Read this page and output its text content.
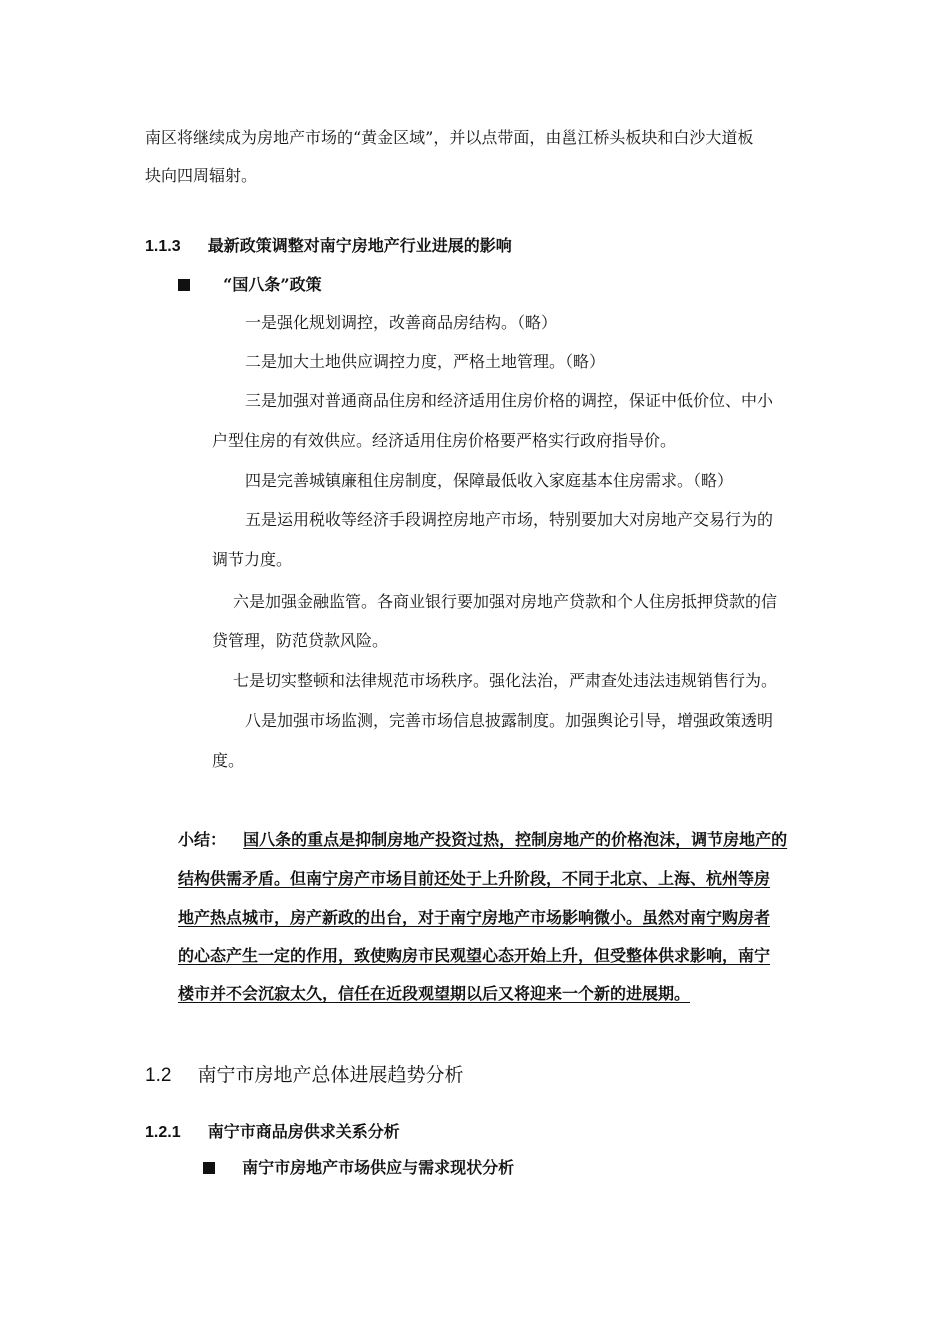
南区将继续成为房地产市场的“黄金区域”，并以点带面，由邕江桥头板块和白沙大道板
块向四周辐射。
1.1.3 最新政策调整对南宁房地产行业进展的影响
“国八条”政策
一是强化规划调控，改善商品房结构。（略）
二是加大土地供应调控力度，严格土地管理。（略）
三是加强对普通商品住房和经济适用住房价格的调控，保证中低价位、中小
户型住房的有效供应。经济适用住房价格要严格实行政府指导价。
四是完善城镇廉租住房制度，保障最低收入家庭基本住房需求。（略）
五是运用税收等经济手段调控房地产市场，特别要加大对房地产交易行为的
调节力度。
六是加强金融监管。各商业银行要加强对房地产贷款和个人住房抵押贷款的信
贷管理，防范贷款风险。
七是切实整顿和法律规范市场秩序。强化法治，严肃查处违法违规销售行为。
八是加强市场监测，完善市场信息披露制度。加强舆论引导，增强政策透明
度。
小结： 国八条的重点是抑制房地产投资过热，控制房地产的价格泡沫，调节房地产的
结构供需矛盾。但南宁房产市场目前还处于上升阶段，不同于北京、上海、杭州等房
地产热点城市，房产新政的出台，对于南宁房地产市场影响微小。虽然对南宁购房者
的心态产生一定的作用，致使购房市民观望心态开始上升，但受整体供求影响，南宁
楼市并不会沉寂太久，信任在近段观望期以后又将迎来一个新的进展期。
1.2 南宁市房地产总体进展趋势分析
1.2.1 南宁市商品房供求关系分析
南宁市房地产市场供应与需求现状分析
